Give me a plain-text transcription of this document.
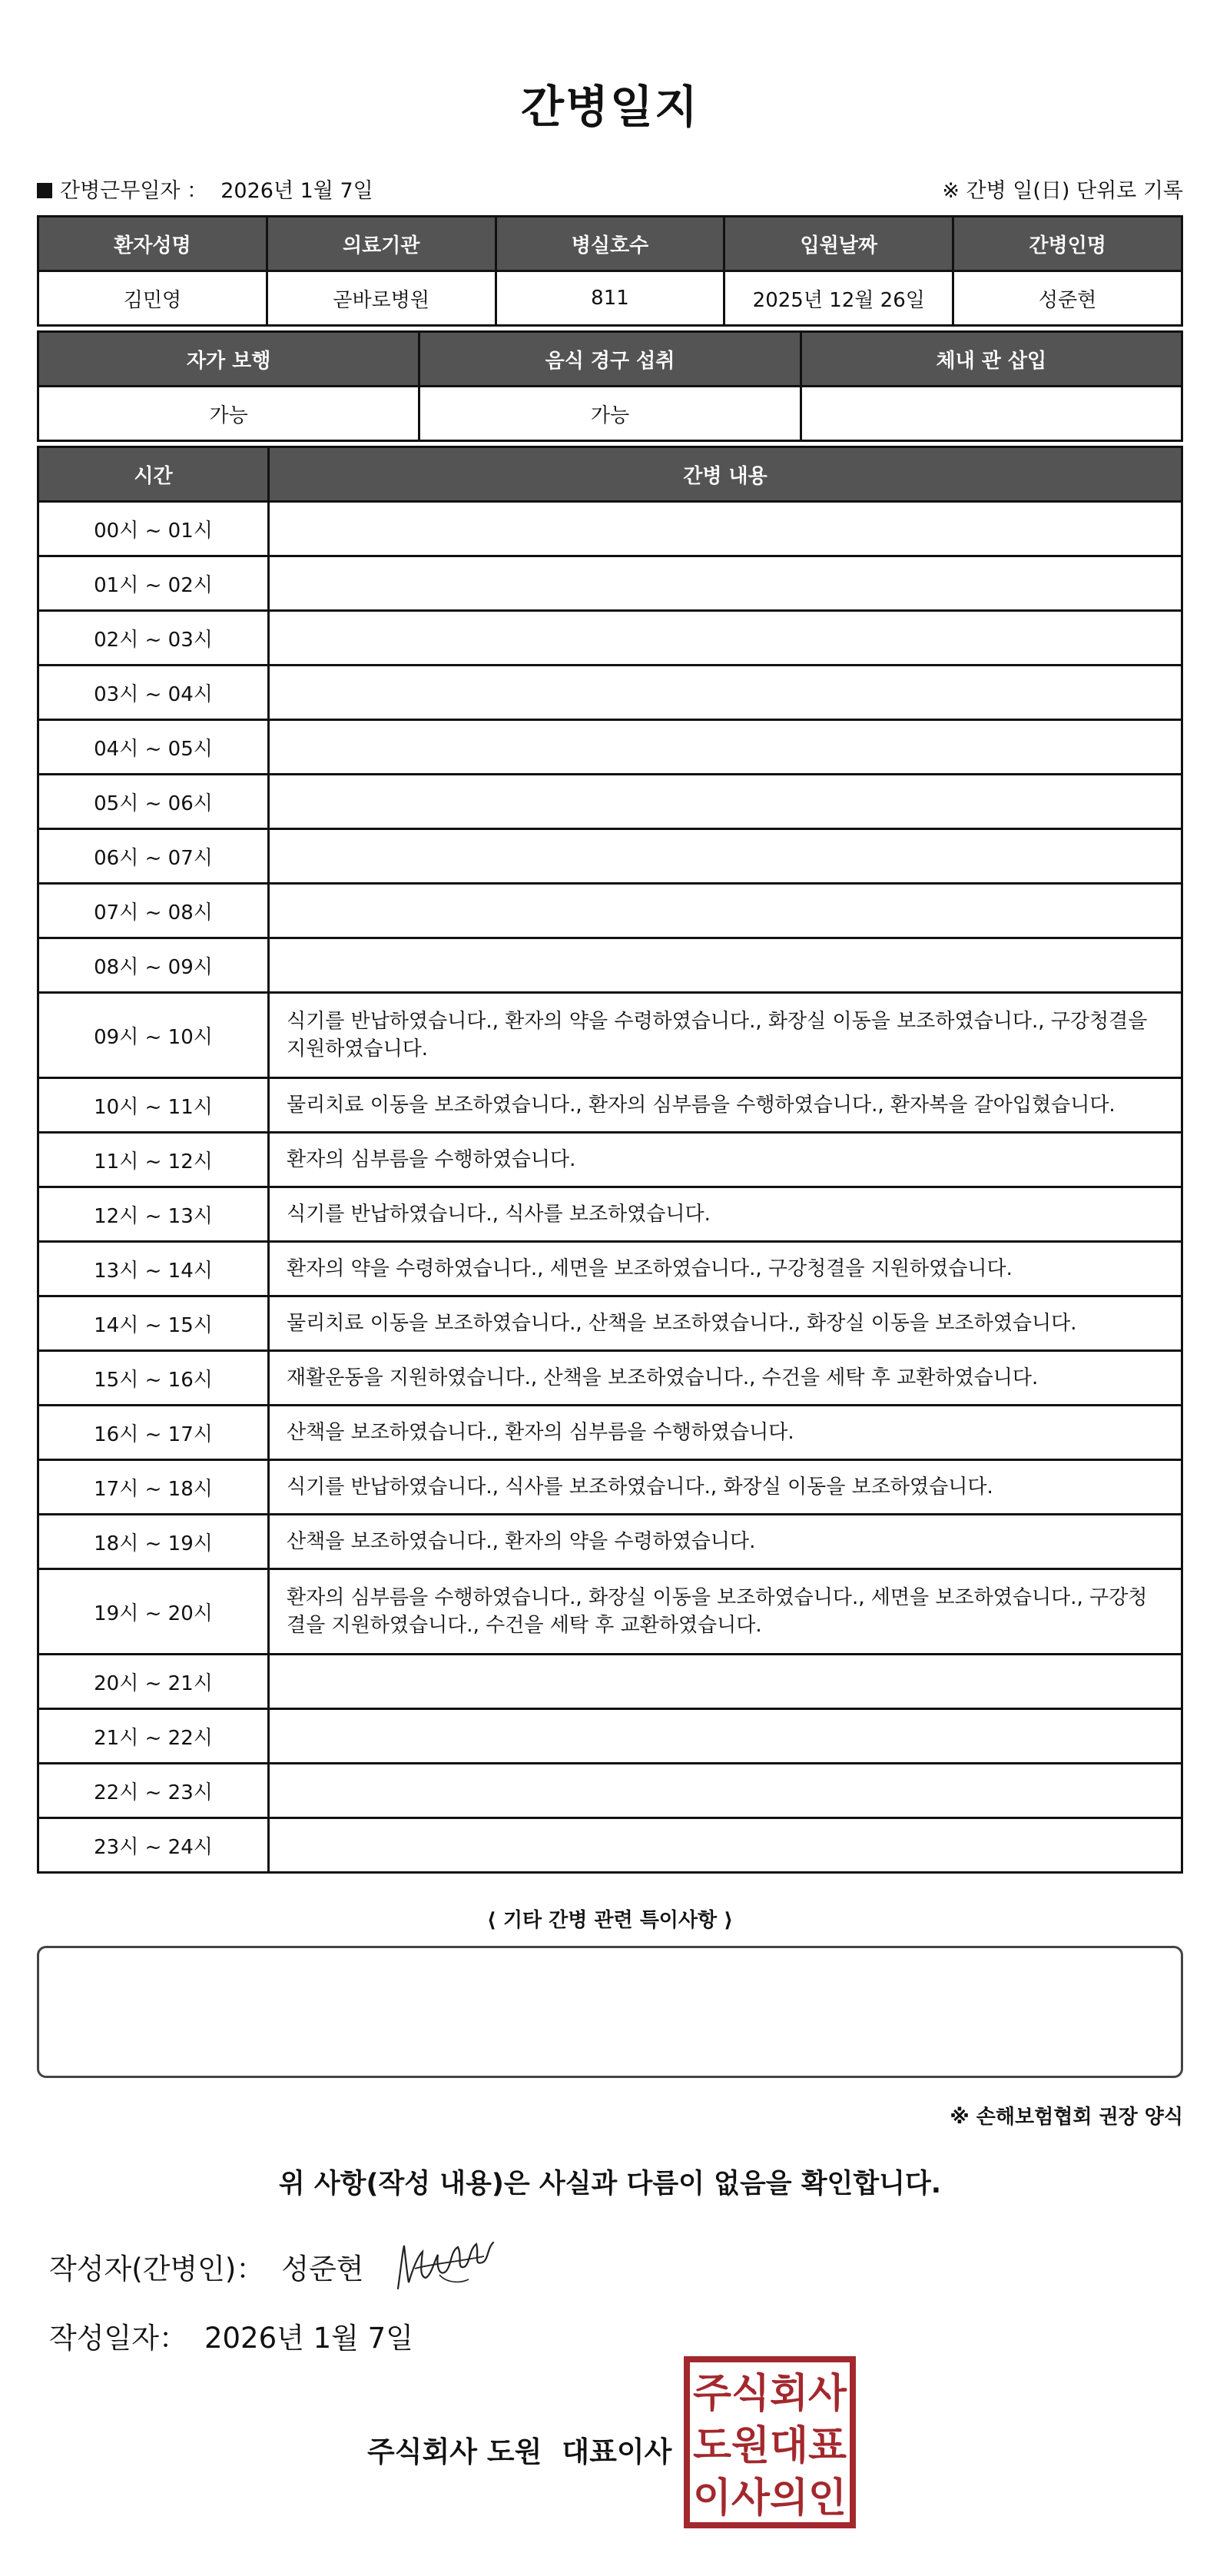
간병일지
간병근무일자 ： 2026년 1월 7일	※ 간병 일(日) 단위로 기록
환자성명	의료기관	병실호수	입원날짜	간병인명
김민영	곧바로병원	811	2025년 12월 26일	성준현
자가 보행	음식 경구 섭취	체내 관 삽입
가능	가능	
시간	간병 내용
00시 ~ 01시	
01시 ~ 02시	
02시 ~ 03시	
03시 ~ 04시	
04시 ~ 05시	
05시 ~ 06시	
06시 ~ 07시	
07시 ~ 08시	
08시 ~ 09시	
09시 ~ 10시	식기를 반납하였습니다., 환자의 약을 수령하였습니다., 화장실 이동을 보조하였습니다., 구강청결을 지원하였습니다.
10시 ~ 11시	물리치료 이동을 보조하였습니다., 환자의 심부름을 수행하였습니다., 환자복을 갈아입혔습니다.
11시 ~ 12시	환자의 심부름을 수행하였습니다.
12시 ~ 13시	식기를 반납하였습니다., 식사를 보조하였습니다.
13시 ~ 14시	환자의 약을 수령하였습니다., 세면을 보조하였습니다., 구강청결을 지원하였습니다.
14시 ~ 15시	물리치료 이동을 보조하였습니다., 산책을 보조하였습니다., 화장실 이동을 보조하였습니다.
15시 ~ 16시	재활운동을 지원하였습니다., 산책을 보조하였습니다., 수건을 세탁 후 교환하였습니다.
16시 ~ 17시	산책을 보조하였습니다., 환자의 심부름을 수행하였습니다.
17시 ~ 18시	식기를 반납하였습니다., 식사를 보조하였습니다., 화장실 이동을 보조하였습니다.
18시 ~ 19시	산책을 보조하였습니다., 환자의 약을 수령하였습니다.
19시 ~ 20시	환자의 심부름을 수행하였습니다., 화장실 이동을 보조하였습니다., 세면을 보조하였습니다., 구강청결을 지원하였습니다., 수건을 세탁 후 교환하였습니다.
20시 ~ 21시	
21시 ~ 22시	
22시 ~ 23시	
23시 ~ 24시	
⟨ 기타 간병 관련 특이사항 ⟩
※ 손해보험협회 권장 양식
위 사항(작성 내용)은 사실과 다름이 없음을 확인합니다.
작성자(간병인)： 성준현
작성일자： 2026년 1월 7일
주식회사 도원 대표이사
주식회사
도원대표
이사의인
